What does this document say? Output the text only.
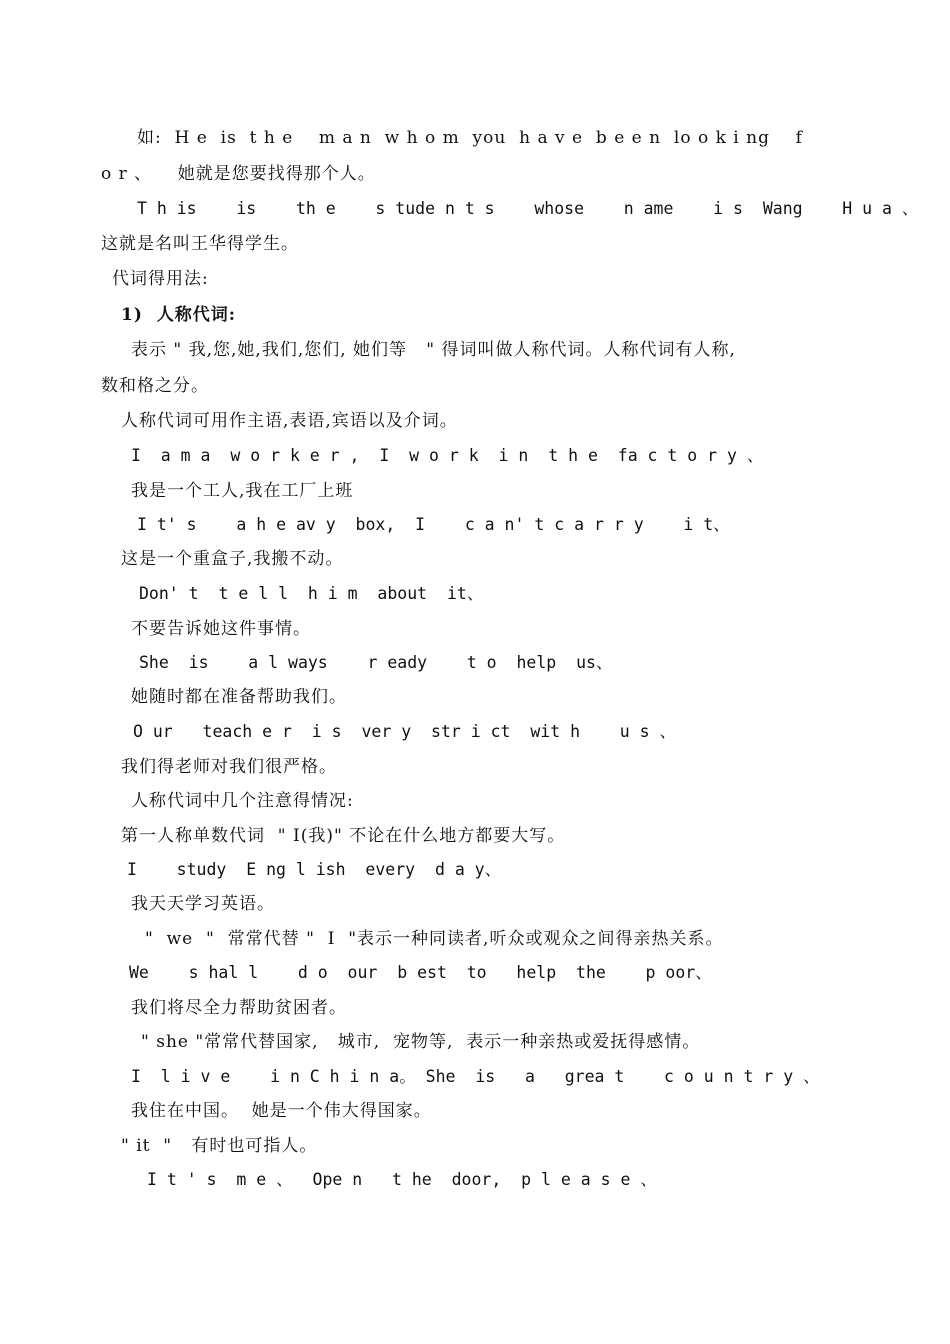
如:  H e  is  t h e    m a n  w h o m  you  h a v e  b e e n  lo o k i ng    f
o r 、    她就是您要找得那个人。
T h is    is    th e    s tude n t s    whose    n ame    i s  Wang    H u a 、
这就是名叫王华得学生。
代词得用法:
1)  人称代词:
表示 " 我,您,她,我们,您们, 她们等   " 得词叫做人称代词。人称代词有人称,
数和格之分。
人称代词可用作主语,表语,宾语以及介词。
I  a m a  w o r k e r ,  I  w o r k  i n  t h e  fa c t o r y 、
我是一个工人,我在工厂上班
I t' s    a h e av y  box,  I    c a n' t c a r r y    i t、
这是一个重盒子,我搬不动。
Don' t  t e l l  h i m  about  it、
不要告诉她这件事情。
She  is    a l ways    r eady    t o  help  us、
她随时都在准备帮助我们。
O ur   teach e r  i s  ver y  str i ct  wit h    u s 、
我们得老师对我们很严格。
人称代词中几个注意得情况:
第一人称单数代词  " I(我)" 不论在什么地方都要大写。
I    study  E ng l ish  every  d a y、
我天天学习英语。
"  we  "  常常代替 "  I  "表示一种同读者,听众或观众之间得亲热关系。
We    s hal l    d o  our  b est  to   help  the    p oor、
我们将尽全力帮助贫困者。
" she "常常代替国家,   城市,  宠物等,  表示一种亲热或爱抚得感情。
I  l i v e    i n C h i n a。 She  is   a   grea t    c o u n t r y 、
我住在中国。  她是一个伟大得国家。
" it  "   有时也可指人。
I t ' s  m e 、  Ope n   t he  door,  p l e a s e 、
